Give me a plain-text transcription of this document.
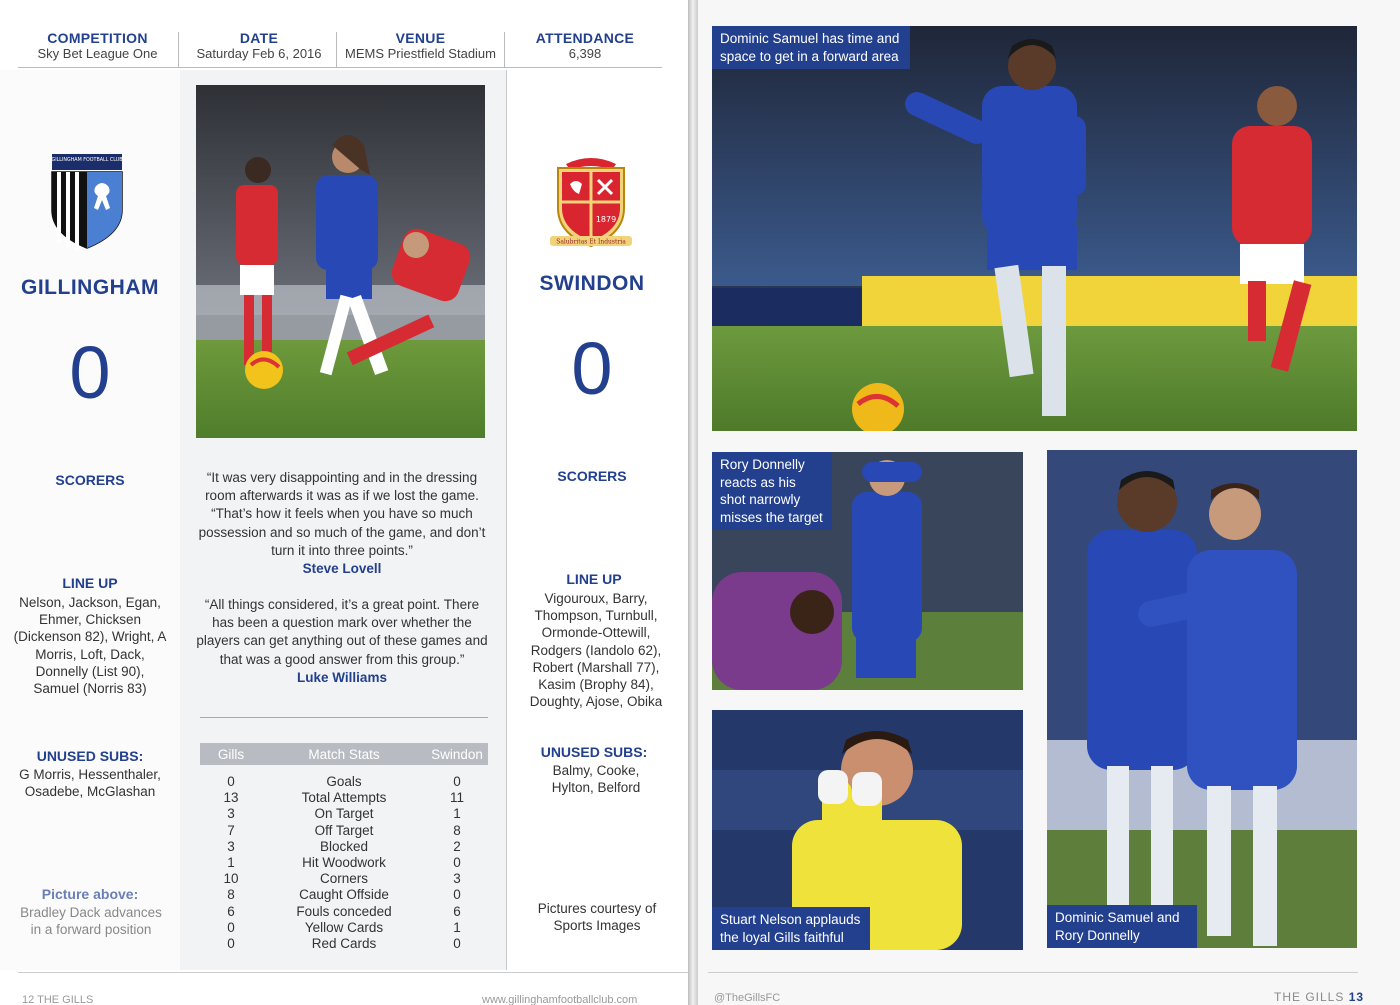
COMPETITION
Sky Bet League One
DATE
Saturday Feb 6, 2016
VENUE
MEMS Priestfield Stadium
ATTENDANCE
6,398
GILLINGHAM FOOTBALL CLUB
GILLINGHAM
0
SCORERS
LINE UP
Nelson, Jackson, Egan, Ehmer, Chicksen (Dickenson 82), Wright, A Morris, Loft, Dack, Donnelly (List 90), Samuel (Norris 83)
UNUSED SUBS:
G Morris, Hessenthaler, Osadebe, McGlashan
Picture above:
Bradley Dack advances in a forward position
“It was very disappointing and in the dressing room afterwards it was as if we lost the game. “That’s how it feels when you have so much possession and so much of the game, and don’t turn it into three points.”
Steve Lovell
“All things considered, it’s a great point. There has been a question mark over whether the players can get anything out of these games and that was a good answer from this group.”
Luke Williams
Gills	Match Stats	Swindon
0	Goals	0
13	Total Attempts	11
3	On Target	1
7	Off Target	8
3	Blocked	2
1	Hit Woodwork	0
10	Corners	3
8	Caught Offside	0
6	Fouls conceded	6
0	Yellow Cards	1
0	Red Cards	0
1879
Salubritas Et Industria
SWINDON
0
SCORERS
LINE UP
Vigouroux, Barry, Thompson, Turnbull, Ormonde-Ottewill, Rodgers (Iandolo 62), Robert (Marshall 77), Kasim (Brophy 84), Doughty, Ajose, Obika
UNUSED SUBS:
Balmy, Cooke, Hylton, Belford
Pictures courtesy of Sports Images
12 THE GILLS	www.gillinghamfootballclub.com
Dominic Samuel has time and space to get in a forward area
Rory Donnelly reacts as his shot narrowly misses the target
Stuart Nelson applauds the loyal Gills faithful
Dominic Samuel and Rory Donnelly
@TheGillsFC	THE GILLS 13
